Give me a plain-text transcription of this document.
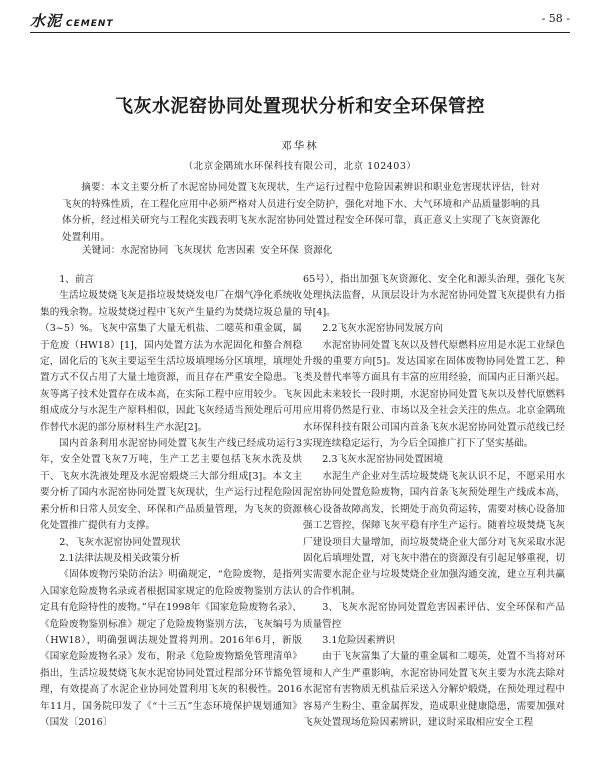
水泥 CEMENT	- 58 -
飞灰水泥窑协同处置现状分析和安全环保管控
邓华林
（北京金隅琉水环保科技有限公司，北京 102403）
摘要：本文主要分析了水泥窑协同处置飞灰现状，生产运行过程中危险因素辨识和职业危害现状评估，针对飞灰的特殊性质，在工程化应用中必须严格对人员进行安全防护，强化对地下水、大气环境和产品质量影响的具体分析，经过相关研究与工程化实践表明飞灰水泥窑协同处置过程安全环保可靠，真正意义上实现了飞灰资源化处置利用。
关键词：水泥窑协同 飞灰现状 危害因素 安全环保 资源化
1、前言

生活垃圾焚烧飞灰是指垃圾焚烧发电厂在烟气净化系统收集的残余物。垃圾焚烧过程中飞灰产生量约为焚烧垃圾总量的（3~5）%。飞灰中富集了大量无机盐、二噁英和重金属，属于危废（HW18）[1]，国内处置方法为水泥固化和螯合剂稳定，固化后的飞灰主要运至生活垃圾填埋场分区填埋，填埋处置方式不仅占用了大量土地资源，而且存在严重安全隐患。飞灰等离子技术处置存在成本高，在实际工程中应用较少。飞灰组成成分与水泥生产原料相似，因此飞灰经适当预处理后可用作替代水泥的部分原材料生产水泥[2]。

国内首条利用水泥窑协同处置飞灰生产线已经成功运行3年，安全处置飞灰7万吨，生产工艺主要包括飞灰水洗及烘干、飞灰水洗液处理及水泥窑煅烧三大部分组成[3]。本文主要分析了国内水泥窑协同处置飞灰现状，生产运行过程危险因素分析和日常人员安全、环保和产品质量管理，为飞灰的资源化处置推广提供有力支撑。

2、飞灰水泥窑协同处置现状
2.1法律法规及相关政策分析

《固体废物污染防治法》明确规定，“危险废物，是指列入国家危险废物名录或者根据国家规定的危险废物鉴别方法认定具有危险特性的废物。”早在1998年《国家危险废物名录》、《危险废物鉴别标准》规定了危险废物鉴别方法，飞灰编号为（HW18），明确强调法规处置将判刑。2016年6月，新版《国家危险废物名录》发布，附录《危险废物豁免管理清单》指出，生活垃圾焚烧飞灰水泥窑协同处置过程部分环节豁免管理，有效提高了水泥企业协同处置利用飞灰的积极性。2016年11月，国务院印发了《“十三五”生态环境保护规划通知》（国发〔2016〕

65号），指出加强飞灰资源化、安全化和源头治理，强化飞灰处理执法监督，从顶层设计为水泥窑协同处置飞灰提供有力指导[4]。

2.2飞灰水泥窑协同发展方向

水泥窑协同处置飞灰以及替代原燃料应用是水泥工业绿色升级的重要方向[5]。发达国家在固体废物协同处置工艺、种类及替代率等方面具有丰富的应用经验，而国内正日渐兴起。因此未来较长一段时期，水泥窑协同处置飞灰以及替代原燃料应用将仍然是行业、市场以及全社会关注的焦点。北京金隅琉水环保科技有限公司国内首条飞灰水泥窑协同处置示范线已经实现连续稳定运行，为今后全国推广打下了坚实基础。

2.3飞灰水泥窑协同处置困境

水泥生产企业对生活垃圾焚烧飞灰认识不足，不愿采用水泥窑协同处置危险废物，国内首条飞灰预处理生产线成本高，核心设备故障高发，长期处于高负荷运转，需要对核心设备加强工艺管控，保障飞灰平稳有序生产运行。随着垃圾焚烧飞灰厂建设项目大量增加，而垃圾焚烧企业大部分对飞灰采取水泥固化后填埋处置，对飞灰中潜在的资源没有引起足够重视，切实需要水泥企业与垃圾焚烧企业加强沟通交流，建立互利共赢的合作机制。

3、飞灰水泥窑协同处置危害因素评估、安全环保和产品质量管控
3.1危险因素辨识

由于飞灰富集了大量的重金属和二噁英，处置不当将对环境和人产生严重影响，水泥窑协同处置飞灰主要为水洗去除对水泥窑有害物质无机盐后采送入分解炉煅烧，在预处理过程中容易产生粉尘、重金属挥发，造成职业健康隐患，需要加强对飞灰处置现场危险因素辨识，建议时采取相应安全工程
